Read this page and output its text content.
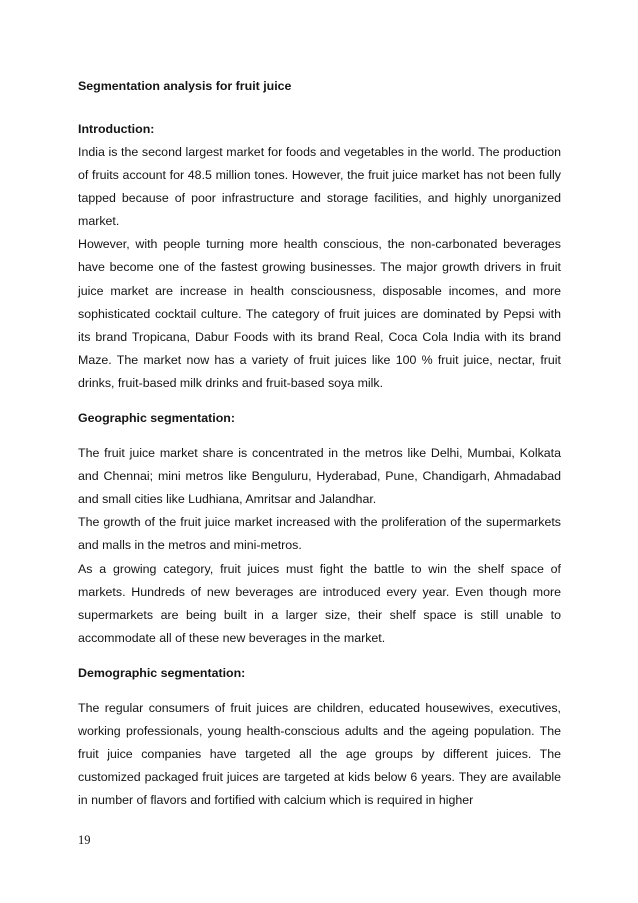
Segmentation analysis for fruit juice

Introduction:

India is the second largest market for foods and vegetables in the world. The production of fruits account for 48.5 million tones. However, the fruit juice market has not been fully tapped because of poor infrastructure and storage facilities, and highly unorganized market.

However, with people turning more health conscious, the non-carbonated beverages have become one of the fastest growing businesses. The major growth drivers in fruit juice market are increase in health consciousness, disposable incomes, and more sophisticated cocktail culture. The category of fruit juices are dominated by Pepsi with its brand Tropicana, Dabur Foods with its brand Real, Coca Cola India with its brand Maze. The market now has a variety of fruit juices like 100 % fruit juice, nectar, fruit drinks, fruit-based milk drinks and fruit-based soya milk.

Geographic segmentation:

The fruit juice market share is concentrated in the metros like Delhi, Mumbai, Kolkata and Chennai; mini metros like Benguluru, Hyderabad, Pune, Chandigarh, Ahmadabad and small cities like Ludhiana, Amritsar and Jalandhar.

The growth of the fruit juice market increased with the proliferation of the supermarkets and malls in the metros and mini-metros.

As a growing category, fruit juices must fight the battle to win the shelf space of markets. Hundreds of new beverages are introduced every year. Even though more supermarkets are being built in a larger size, their shelf space is still unable to accommodate all of these new beverages in the market.

Demographic segmentation:

The regular consumers of fruit juices are children, educated housewives, executives, working professionals, young health-conscious adults and the ageing population. The fruit juice companies have targeted all the age groups by different juices. The customized packaged fruit juices are targeted at kids below 6 years. They are available in number of flavors and fortified with calcium which is required in higher

19
